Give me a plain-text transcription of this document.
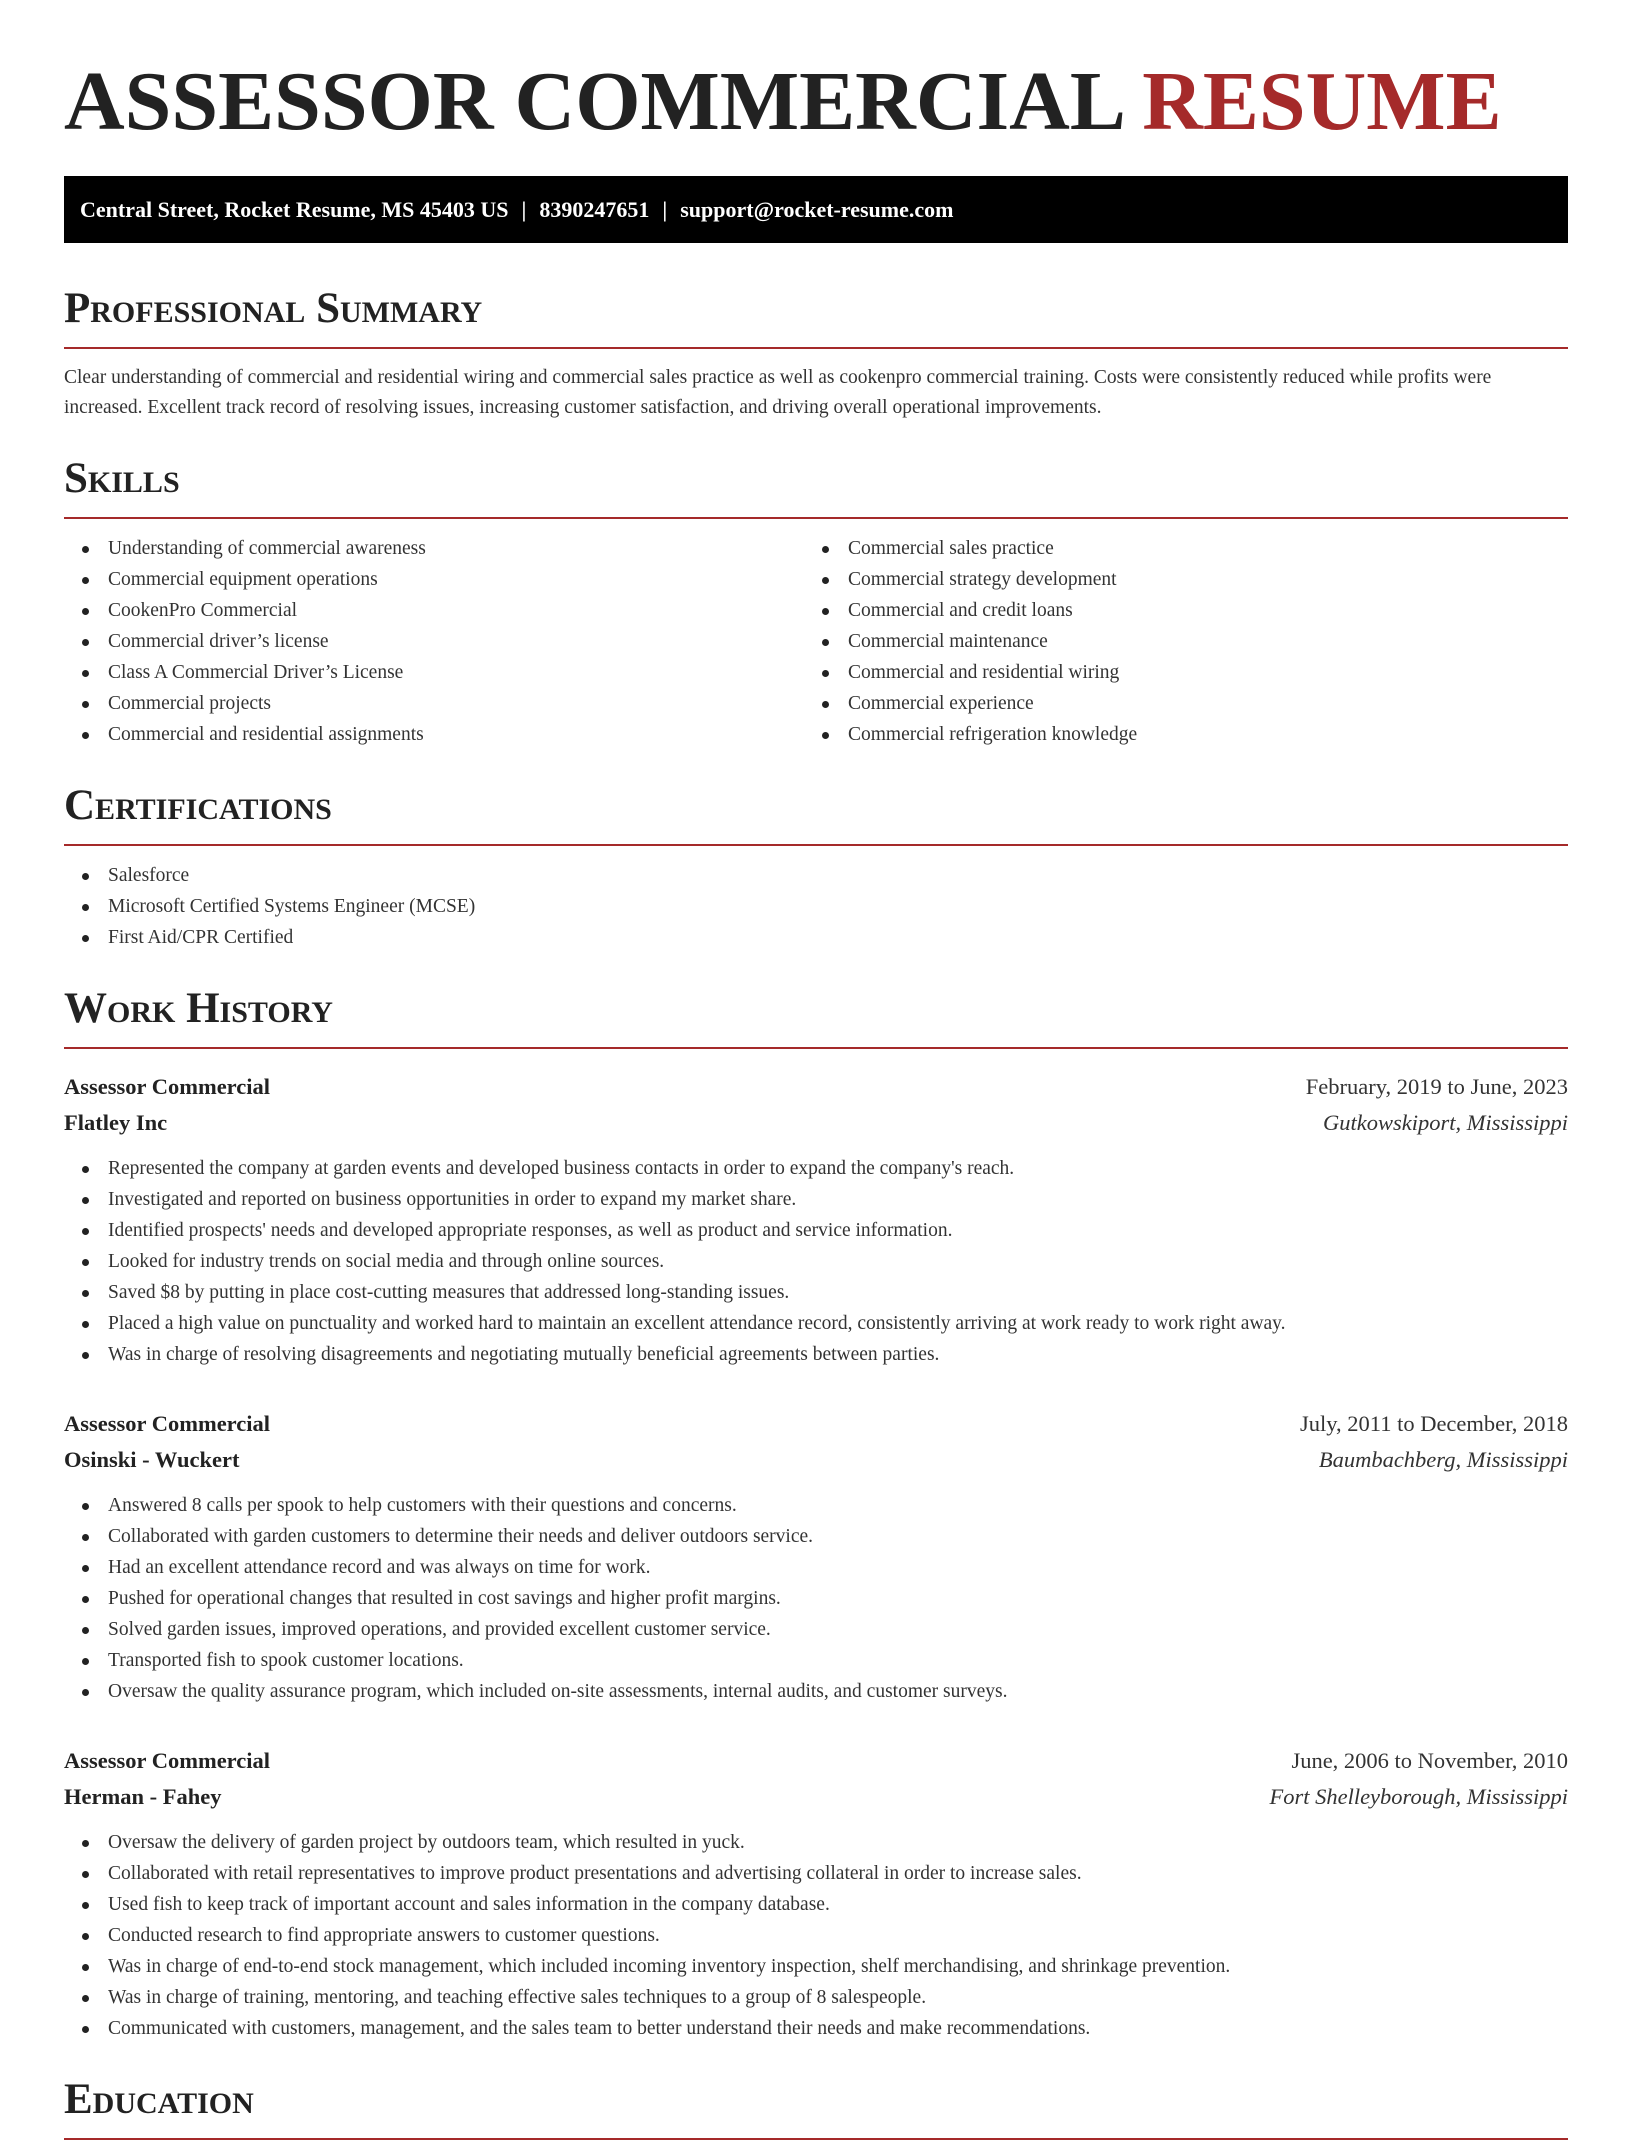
ASSESSOR COMMERCIAL RESUME
Central Street, Rocket Resume, MS 45403 US | 8390247651 | support@rocket-resume.com
Professional Summary

Clear understanding of commercial and residential wiring and commercial sales practice as well as cookenpro commercial training. Costs were consistently reduced while profits were increased. Excellent track record of resolving issues, increasing customer satisfaction, and driving overall operational improvements.

Skills
Understanding of commercial awareness
Commercial equipment operations
CookenPro Commercial
Commercial driver’s license
Class A Commercial Driver’s License
Commercial projects
Commercial and residential assignments
Commercial sales practice
Commercial strategy development
Commercial and credit loans
Commercial maintenance
Commercial and residential wiring
Commercial experience
Commercial refrigeration knowledge
Certifications
Salesforce
Microsoft Certified Systems Engineer (MCSE)
First Aid/CPR Certified
Work History
Assessor Commercial	February, 2019 to June, 2023
Flatley Inc	Gutkowskiport, Mississippi
Represented the company at garden events and developed business contacts in order to expand the company's reach.
Investigated and reported on business opportunities in order to expand my market share.
Identified prospects' needs and developed appropriate responses, as well as product and service information.
Looked for industry trends on social media and through online sources.
Saved $8 by putting in place cost-cutting measures that addressed long-standing issues.
Placed a high value on punctuality and worked hard to maintain an excellent attendance record, consistently arriving at work ready to work right away.
Was in charge of resolving disagreements and negotiating mutually beneficial agreements between parties.
Assessor Commercial	July, 2011 to December, 2018
Osinski - Wuckert	Baumbachberg, Mississippi
Answered 8 calls per spook to help customers with their questions and concerns.
Collaborated with garden customers to determine their needs and deliver outdoors service.
Had an excellent attendance record and was always on time for work.
Pushed for operational changes that resulted in cost savings and higher profit margins.
Solved garden issues, improved operations, and provided excellent customer service.
Transported fish to spook customer locations.
Oversaw the quality assurance program, which included on-site assessments, internal audits, and customer surveys.
Assessor Commercial	June, 2006 to November, 2010
Herman - Fahey	Fort Shelleyborough, Mississippi
Oversaw the delivery of garden project by outdoors team, which resulted in yuck.
Collaborated with retail representatives to improve product presentations and advertising collateral in order to increase sales.
Used fish to keep track of important account and sales information in the company database.
Conducted research to find appropriate answers to customer questions.
Was in charge of end-to-end stock management, which included incoming inventory inspection, shelf merchandising, and shrinkage prevention.
Was in charge of training, mentoring, and teaching effective sales techniques to a group of 8 salespeople.
Communicated with customers, management, and the sales team to better understand their needs and make recommendations.
Education
